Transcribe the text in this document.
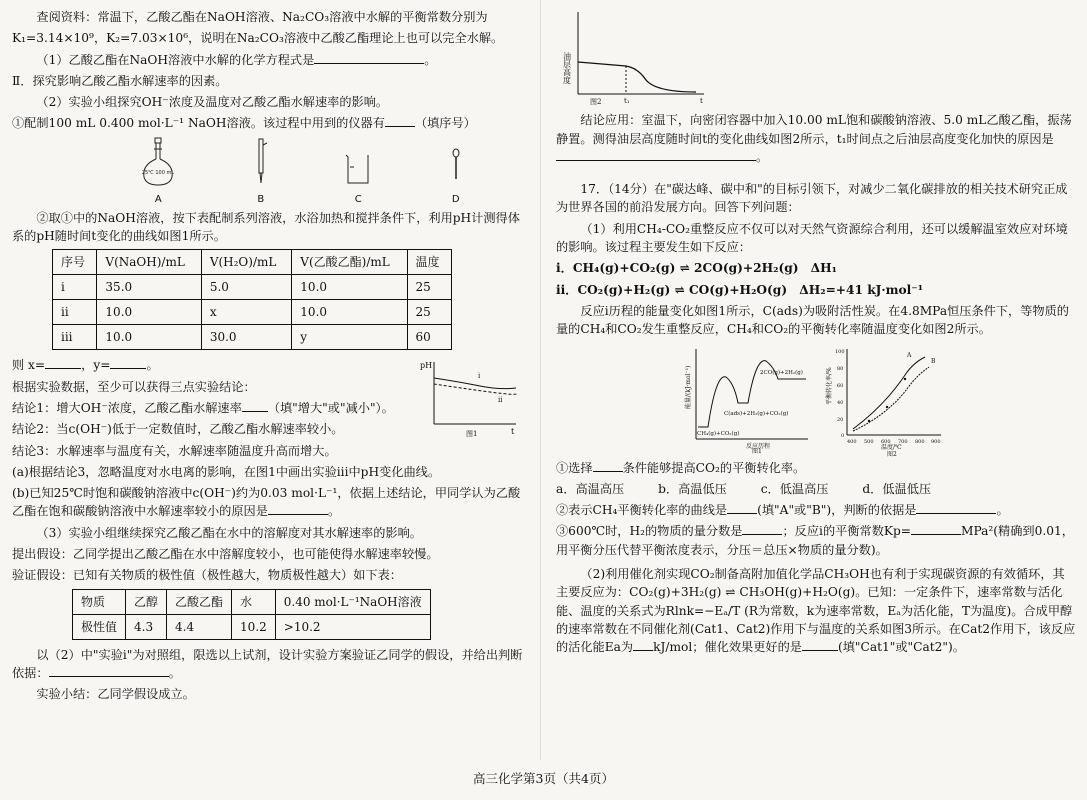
查阅资料：常温下，乙酸乙酯在NaOH溶液、Na₂CO₃溶液中水解的平衡常数分别为

K₁=3.14×10⁹，K₂=7.03×10⁶，说明在Na₂CO₃溶液中乙酸乙酯理论上也可以完全水解。

（1）乙酸乙酯在NaOH溶液中水解的化学方程式是	。

Ⅱ．探究影响乙酸乙酯水解速率的因素。

（2）实验小组探究OH⁻浓度及温度对乙酸乙酯水解速率的影响。

①配制100 mL 0.400 mol·L⁻¹ NaOH溶液。该过程中用到的仪器有 （填序号）

25℃ 100 mL
A	B	C	D

②取①中的NaOH溶液，按下表配制系列溶液，水浴加热和搅拌条件下，利用pH计测得体系的pH随时间t变化的曲线如图1所示。

序号	V(NaOH)/mL	V(H₂O)/mL	V(乙酸乙酯)/mL	温度
i	35.0	5.0	10.0	25
ii	10.0	x	10.0	25
iii	10.0	30.0	y	60

则 x=	，y=	。

根据实验数据，至少可以获得三点实验结论：

结论1：增大OH⁻浓度，乙酸乙酯水解速率 （填"增大"或"减小"）。

结论2：当c(OH⁻)低于一定数值时，乙酸乙酯水解速率较小。

pH
i
ii
t
图1

结论3：水解速率与温度有关，水解速率随温度升高而增大。

(a)根据结论3，忽略温度对水电离的影响，在图1中画出实验iii中pH变化曲线。

(b)已知25℃时饱和碳酸钠溶液中c(OH⁻)约为0.03 mol·L⁻¹，依据上述结论，甲同学认为乙酸乙酯在饱和碳酸钠溶液中水解速率较小的原因是	。

（3）实验小组继续探究乙酸乙酯在水中的溶解度对其水解速率的影响。

提出假设：乙同学提出乙酸乙酯在水中溶解度较小，也可能使得水解速率较慢。

验证假设：已知有关物质的极性值（极性越大，物质极性越大）如下表：

物质	乙醇	乙酸乙酯	水	0.40 mol·L⁻¹NaOH溶液
极性值	4.3	4.4	10.2	>10.2

以（2）中"实验i"为对照组，限选以上试剂，设计实验方案验证乙同学的假设，并给出判断依据：	。

实验小结：乙同学假设成立。

油层高度
t₁	t
图2

结论应用：室温下，向密闭容器中加入10.00 mL饱和碳酸钠溶液、5.0 mL乙酸乙酯，振荡静置。测得油层高度随时间t的变化曲线如图2所示，t₁时间点之后油层高度变化加快的原因是。

17．（14分）在"碳达峰、碳中和"的目标引领下，对减少二氧化碳排放的相关技术研究正成为世界各国的前沿发展方向。回答下列问题：

（1）利用CH₄-CO₂重整反应不仅可以对天然气资源综合利用，还可以缓解温室效应对环境的影响。该过程主要发生如下反应：

i．CH₄(g)+CO₂(g) ⇌ 2CO(g)+2H₂(g)　ΔH₁

ii．CO₂(g)+H₂(g) ⇌ CO(g)+H₂O(g)　ΔH₂=+41 kJ·mol⁻¹

反应i历程的能量变化如图1所示，C(ads)为吸附活性炭。在4.8MPa恒压条件下，等物质的量的CH₄和CO₂发生重整反应，CH₄和CO₂的平衡转化率随温度变化如图2所示。

能量/(kJ·mol⁻¹)
CH₄(g)+CO₂(g)
C(ads)+2H₂(g)+CO₂(g)
2CO(g)+2H₂(g)
反应历程
图1
平衡转化率/%
100
80
60
40
20
0
400 500 600 700 800 900
A
B
温度/℃
图2

①选择 条件能够提高CO₂的平衡转化率。

a．高温高压	b．高温低压	c．低温高压	d．低温低压

②表示CH₄平衡转化率的曲线是 (填"A"或"B")，判断的依据是	。

③600℃时，H₂的物质的量分数是	；反应i的平衡常数Kp=	MPa²(精确到0.01，用平衡分压代替平衡浓度表示，分压＝总压×物质的量分数)。

（2)利用催化剂实现CO₂制备高附加值化学品CH₃OH也有利于实现碳资源的有效循环，其主要反应为：CO₂(g)+3H₂(g) ⇌ CH₃OH(g)+H₂O(g)。已知：一定条件下，速率常数与活化能、温度的关系式为Rlnk=−Eₐ/T (R为常数，k为速率常数，Eₐ为活化能，T为温度)。合成甲醇的速率常数在不同催化剂(Cat1、Cat2)作用下与温度的关系如图3所示。在Cat2作用下，该反应的活化能Ea为 kJ/mol；催化效果更好的是	(填"Cat1"或"Cat2")。

高三化学第3页（共4页）
